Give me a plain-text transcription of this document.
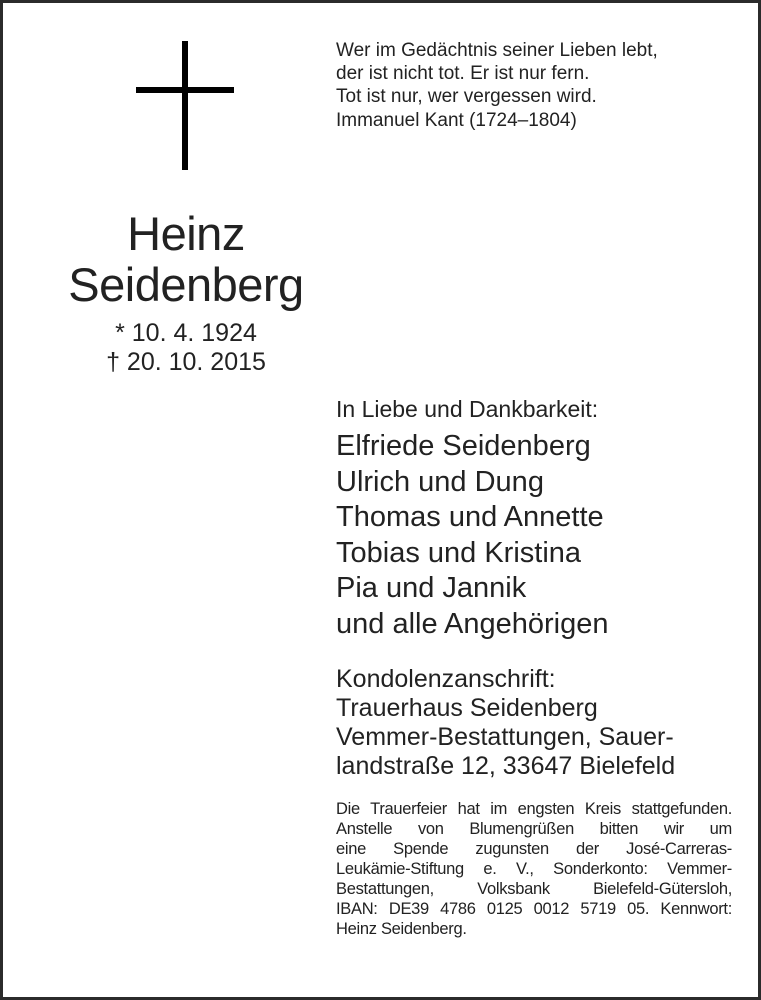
Heinz
Seidenberg
* 10. 4. 1924
† 20. 10. 2015
Wer im Gedächtnis seiner Lieben lebt,
der ist nicht tot. Er ist nur fern.
Tot ist nur, wer vergessen wird.
Immanuel Kant (1724–1804)
In Liebe und Dankbarkeit:
Elfriede Seidenberg
Ulrich und Dung
Thomas und Annette
Tobias und Kristina
Pia und Jannik
und alle Angehörigen
Kondolenzanschrift:
Trauerhaus Seidenberg
Vemmer-Bestattungen, Sauer-
landstraße 12, 33647 Bielefeld
Die Trauerfeier hat im engsten Kreis stattgefunden.
Anstelle von Blumengrüßen bitten wir um
eine Spende zugunsten der José-Carreras-
Leukämie-Stiftung e. V., Sonderkonto: Vemmer-
Bestattungen, Volksbank Bielefeld-Gütersloh,
IBAN: DE39 4786 0125 0012 5719 05. Kennwort:
Heinz Seidenberg.
